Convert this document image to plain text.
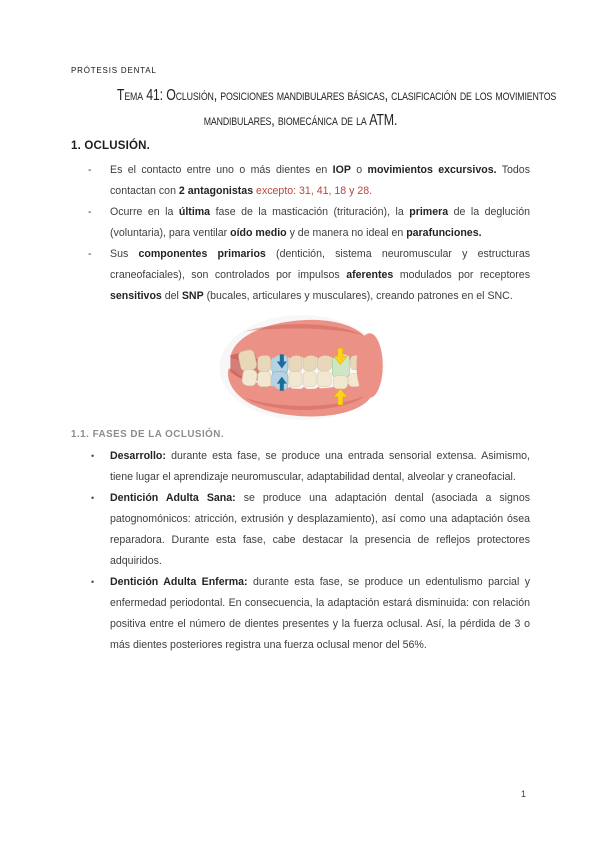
PRÓTESIS DENTAL
Tema 41: Oclusión, posiciones mandibulares básicas, clasificación de los movimientos
mandibulares, biomecánica de la ATM.
1. OCLUSIÓN.
- Es el contacto entre uno o más dientes en IOP o movimientos excursivos. Todos contactan con 2 antagonistas excepto: 31, 41, 18 y 28.
- Ocurre en la última fase de la masticación (trituración), la primera de la deglución (voluntaria), para ventilar oído medio y de manera no ideal en parafunciones.
- Sus componentes primarios (dentición, sistema neuromuscular y estructuras craneofaciales), son controlados por impulsos aferentes modulados por receptores sensitivos del SNP (bucales, articulares y musculares), creando patrones en el SNC.
1.1. FASES DE LA OCLUSIÓN.
• Desarrollo: durante esta fase, se produce una entrada sensorial extensa. Asimismo, tiene lugar el aprendizaje neuromuscular, adaptabilidad dental, alveolar y craneofacial.
• Dentición Adulta Sana: se produce una adaptación dental (asociada a signos patognomónicos: atricción, extrusión y desplazamiento), así como una adaptación ósea reparadora. Durante esta fase, cabe destacar la presencia de reflejos protectores adquiridos.
• Dentición Adulta Enferma: durante esta fase, se produce un edentulismo parcial y enfermedad periodontal. En consecuencia, la adaptación estará disminuida: con relación positiva entre el número de dientes presentes y la fuerza oclusal. Así, la pérdida de 3 o más dientes posteriores registra una fuerza oclusal menor del 56%.
1
